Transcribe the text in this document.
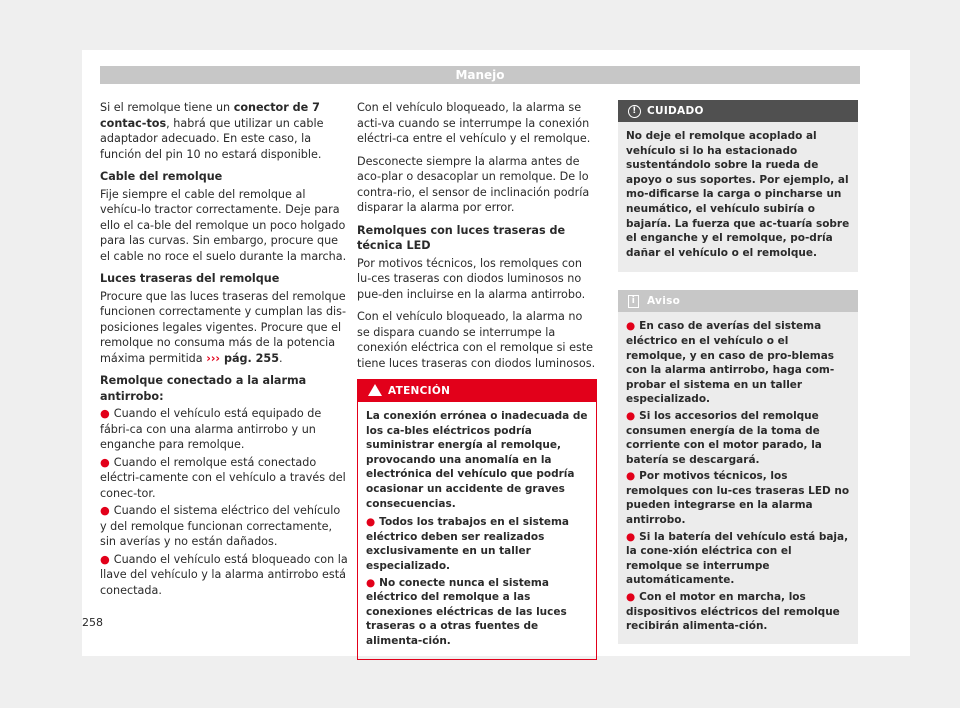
Manejo

Si el remolque tiene un conector de 7 contac-tos, habrá que utilizar un cable adaptador adecuado. En este caso, la función del pin 10 no estará disponible.

Cable del remolque

Fije siempre el cable del remolque al vehícu-lo tractor correctamente. Deje para ello el ca-ble del remolque un poco holgado para las curvas. Sin embargo, procure que el cable no roce el suelo durante la marcha.

Luces traseras del remolque

Procure que las luces traseras del remolque funcionen correctamente y cumplan las dis-posiciones legales vigentes. Procure que el remolque no consuma más de la potencia máxima permitida ››› pág. 255.

Remolque conectado a la alarma antirrobo:
● Cuando el vehículo está equipado de fábri-ca con una alarma antirrobo y un enganche para remolque.
● Cuando el remolque está conectado eléctri-camente con el vehículo a través del conec-tor.
● Cuando el sistema eléctrico del vehículo y del remolque funcionan correctamente, sin averías y no están dañados.
● Cuando el vehículo está bloqueado con la llave del vehículo y la alarma antirrobo está conectada.

Con el vehículo bloqueado, la alarma se acti-va cuando se interrumpe la conexión eléctri-ca entre el vehículo y el remolque.

Desconecte siempre la alarma antes de aco-plar o desacoplar un remolque. De lo contra-rio, el sensor de inclinación podría disparar la alarma por error.

Remolques con luces traseras de técnica LED

Por motivos técnicos, los remolques con lu-ces traseras con diodos luminosos no pue-den incluirse en la alarma antirrobo.

Con el vehículo bloqueado, la alarma no se dispara cuando se interrumpe la conexión eléctrica con el remolque si este tiene luces traseras con diodos luminosos.

ATENCIÓN

La conexión errónea o inadecuada de los ca-bles eléctricos podría suministrar energía al remolque, provocando una anomalía en la electrónica del vehículo que podría ocasionar un accidente de graves consecuencias.

● Todos los trabajos en el sistema eléctrico deben ser realizados exclusivamente en un taller especializado.
● No conecte nunca el sistema eléctrico del remolque a las conexiones eléctricas de las luces traseras o a otras fuentes de alimenta-ción.
! CUIDADO

No deje el remolque acoplado al vehículo si lo ha estacionado sustentándolo sobre la rueda de apoyo o sus soportes. Por ejemplo, al mo-dificarse la carga o pincharse un neumático, el vehículo subiría o bajaría. La fuerza que ac-tuaría sobre el enganche y el remolque, po-dría dañar el vehículo o el remolque.

i Aviso
● En caso de averías del sistema eléctrico en el vehículo o el remolque, y en caso de pro-blemas con la alarma antirrobo, haga com-probar el sistema en un taller especializado.
● Si los accesorios del remolque consumen energía de la toma de corriente con el motor parado, la batería se descargará.
● Por motivos técnicos, los remolques con lu-ces traseras LED no pueden integrarse en la alarma antirrobo.
● Si la batería del vehículo está baja, la cone-xión eléctrica con el remolque se interrumpe automáticamente.
● Con el motor en marcha, los dispositivos eléctricos del remolque recibirán alimenta-ción.
258
